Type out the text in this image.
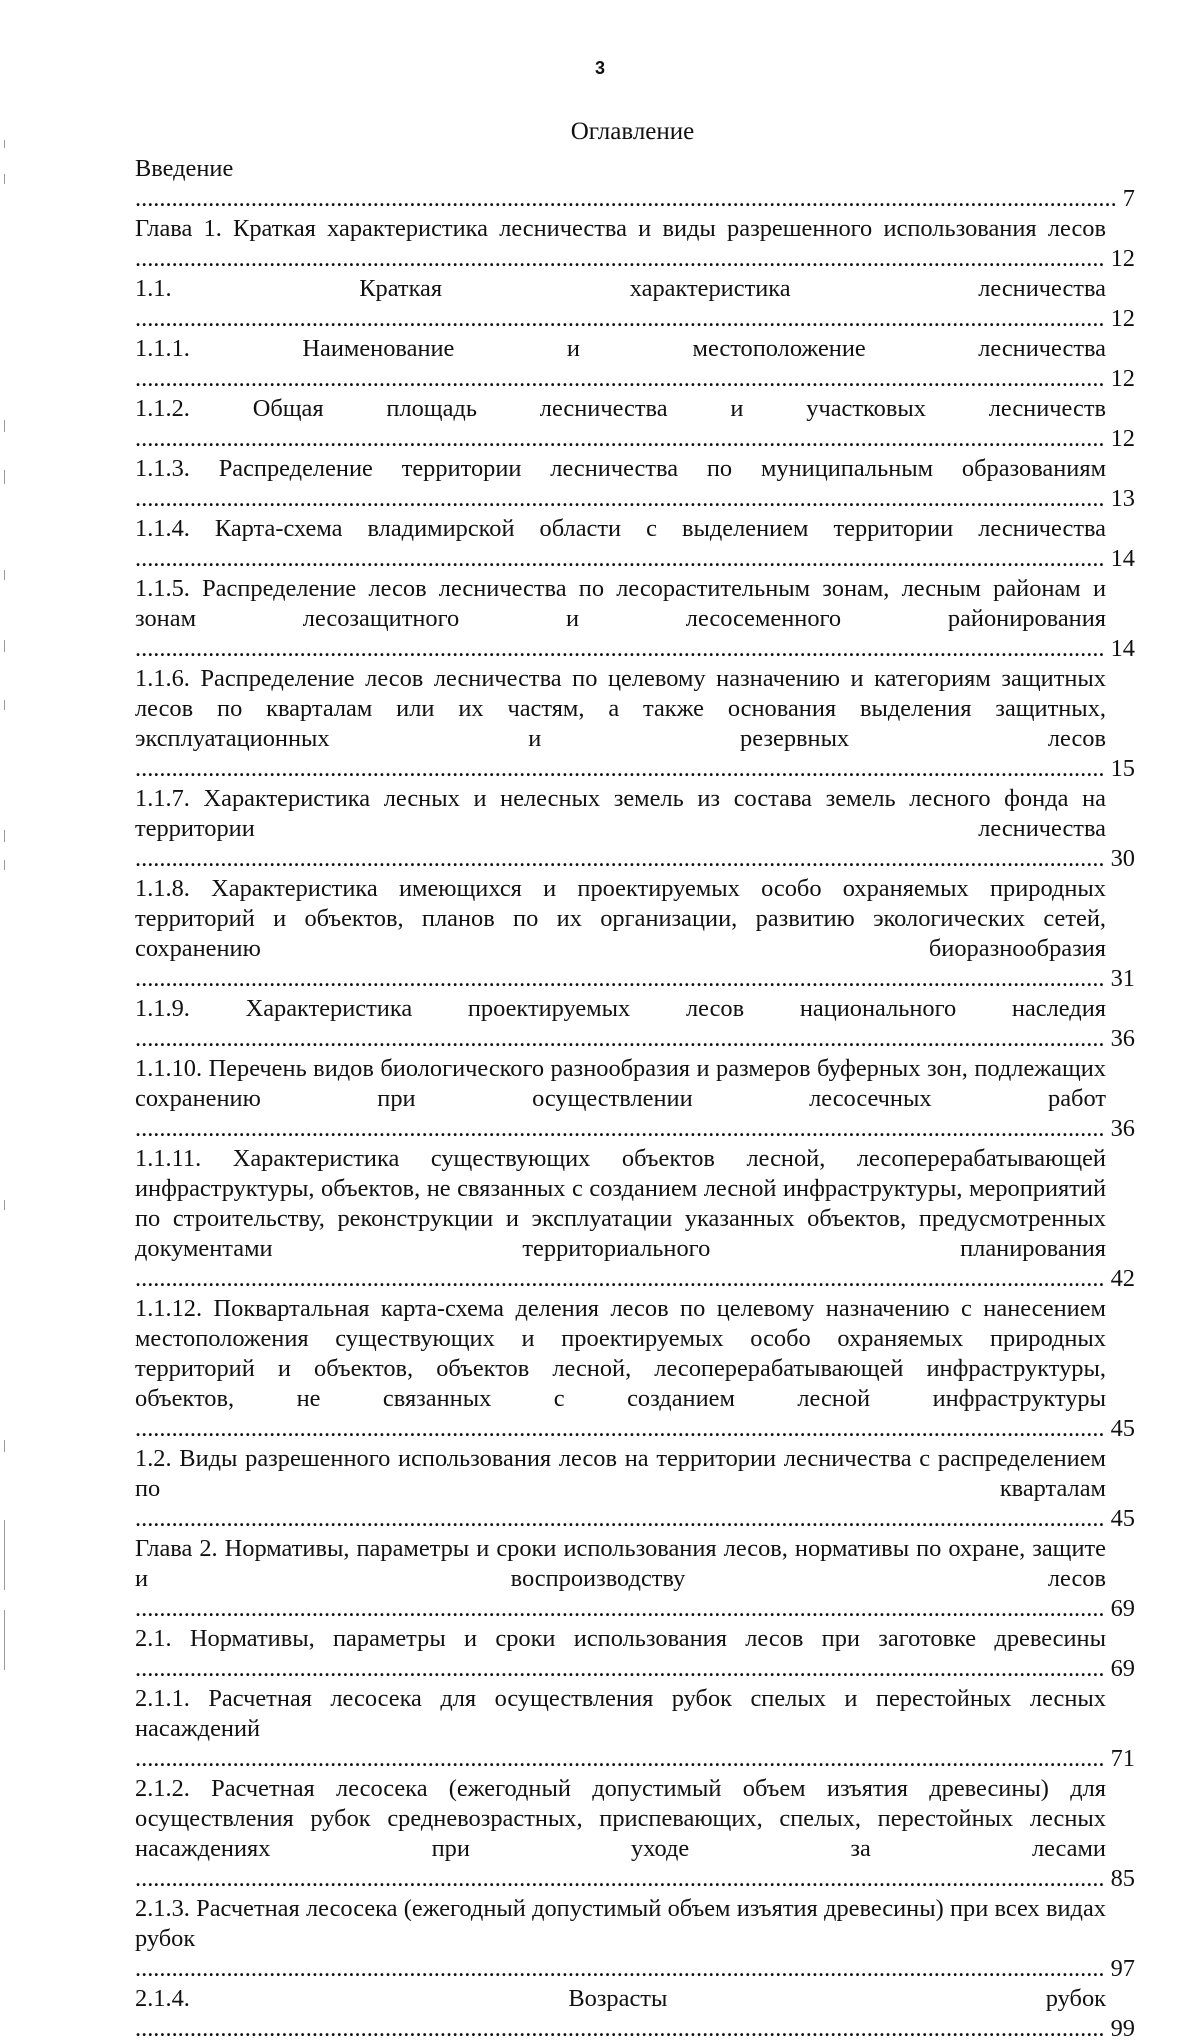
3
Оглавление
7
Введение .....
12
Глава 1. Краткая характеристика лесничества и виды разрешенного использования лесов .....
12
1.1. Краткая характеристика лесничества .....
12
1.1.1. Наименование и местоположение лесничества .....
12
1.1.2. Общая площадь лесничества и участковых лесничеств .....
13
1.1.3. Распределение территории лесничества по муниципальным образованиям .....
14
1.1.4. Карта-схема владимирской области с выделением территории лесничества .....
14
1.1.5. Распределение лесов лесничества по лесорастительным зонам, лесным районам и зонам лесозащитного и лесосеменного районирования .....
15
1.1.6. Распределение лесов лесничества по целевому назначению и категориям защитных лесов по кварталам или их частям, а также основания выделения защитных, эксплуатационных и резервных лесов .....
30
1.1.7. Характеристика лесных и нелесных земель из состава земель лесного фонда на территории лесничества .....
31
1.1.8. Характеристика имеющихся и проектируемых особо охраняемых природных территорий и объектов, планов по их организации, развитию экологических сетей, сохранению биоразнообразия .....
36
1.1.9. Характеристика проектируемых лесов национального наследия .....
36
1.1.10. Перечень видов биологического разнообразия и размеров буферных зон, подлежащих сохранению при осуществлении лесосечных работ .....
42
1.1.11. Характеристика существующих объектов лесной, лесоперерабатывающей инфраструктуры, объектов, не связанных с созданием лесной инфраструктуры, мероприятий по строительству, реконструкции и эксплуатации указанных объектов, предусмотренных документами территориального планирования .....
45
1.1.12. Поквартальная карта-схема деления лесов по целевому назначению с нанесением местоположения существующих и проектируемых особо охраняемых природных территорий и объектов, объектов лесной, лесоперерабатывающей инфраструктуры, объектов, не связанных с созданием лесной инфраструктуры .....
45
1.2. Виды разрешенного использования лесов на территории лесничества с распределением по кварталам .....
69
Глава 2. Нормативы, параметры и сроки использования лесов, нормативы по охране, защите и воспроизводству лесов .....
69
2.1. Нормативы, параметры и сроки использования лесов при заготовке древесины .....
71
2.1.1. Расчетная лесосека для осуществления рубок спелых и перестойных лесных насаждений .....
85
2.1.2. Расчетная лесосека (ежегодный допустимый объем изъятия древесины) для осуществления рубок средневозрастных, приспевающих, спелых, перестойных лесных насаждениях при уходе за лесами .....
97
2.1.3. Расчетная лесосека (ежегодный допустимый объем изъятия древесины) при всех видах рубок .....
99
2.1.4. Возрасты рубок .....
